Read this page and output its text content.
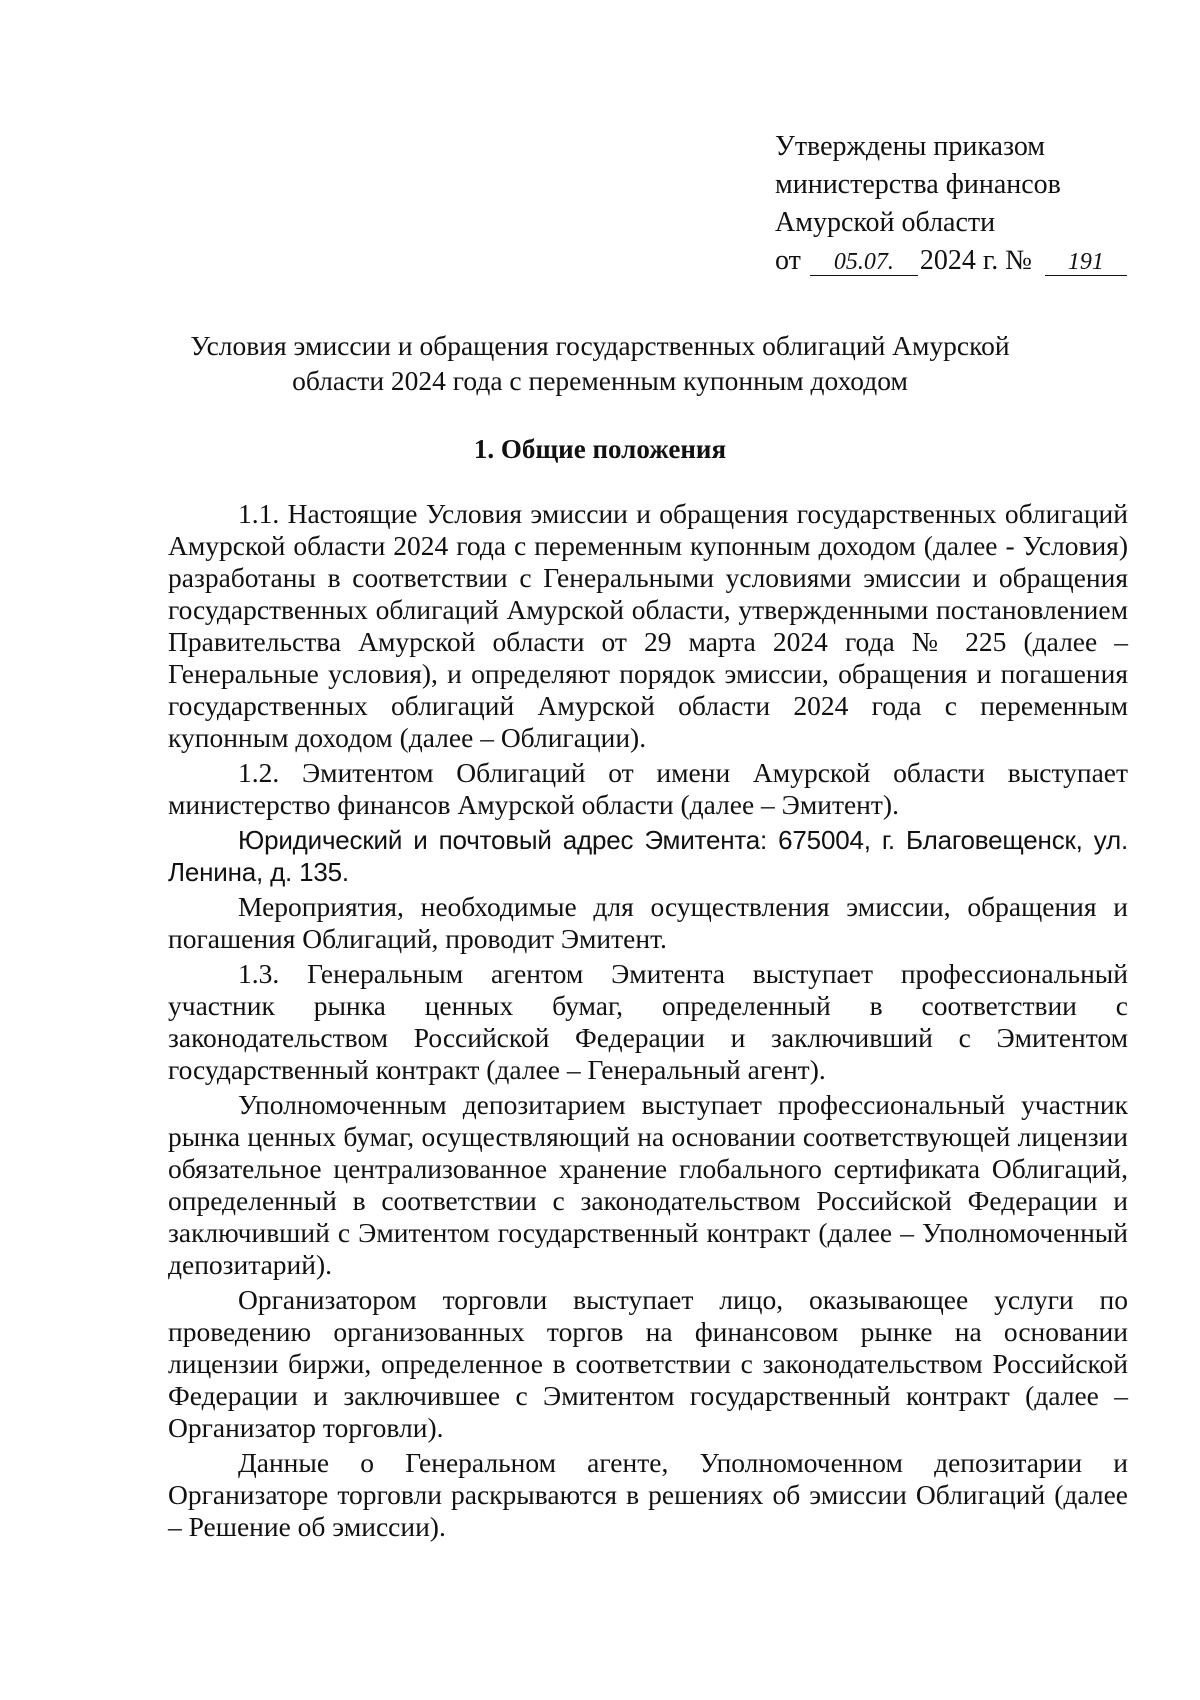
Утверждены приказом
министерства финансов
Амурской области
от 05.07. 2024 г. № 191
Условия эмиссии и обращения государственных облигаций Амурской области 2024 года с переменным купонным доходом
1. Общие положения

1.1. Настоящие Условия эмиссии и обращения государственных облигаций Амурской области 2024 года с переменным купонным доходом (далее - Условия) разработаны в соответствии с Генеральными условиями эмиссии и обращения государственных облигаций Амурской области, утвержденными постановлением Правительства Амурской области от 29 марта 2024 года № 225 (далее – Генеральные условия), и определяют порядок эмиссии, обращения и погашения государственных облигаций Амурской области 2024 года с переменным купонным доходом (далее – Облигации).

1.2. Эмитентом Облигаций от имени Амурской области выступает министерство финансов Амурской области (далее – Эмитент).

Юридический и почтовый адрес Эмитента: 675004, г. Благовещенск, ул. Ленина, д. 135.

Мероприятия, необходимые для осуществления эмиссии, обращения и погашения Облигаций, проводит Эмитент.

1.3. Генеральным агентом Эмитента выступает профессиональный участник рынка ценных бумаг, определенный в соответствии с законодательством Российской Федерации и заключивший с Эмитентом государственный контракт (далее – Генеральный агент).

Уполномоченным депозитарием выступает профессиональный участник рынка ценных бумаг, осуществляющий на основании соответствующей лицензии обязательное централизованное хранение глобального сертификата Облигаций, определенный в соответствии с законодательством Российской Федерации и заключивший с Эмитентом государственный контракт (далее – Уполномоченный депозитарий).

Организатором торговли выступает лицо, оказывающее услуги по проведению организованных торгов на финансовом рынке на основании лицензии биржи, определенное в соответствии с законодательством Российской Федерации и заключившее с Эмитентом государственный контракт (далее – Организатор торговли).

Данные о Генеральном агенте, Уполномоченном депозитарии и Организаторе торговли раскрываются в решениях об эмиссии Облигаций (далее – Решение об эмиссии).
